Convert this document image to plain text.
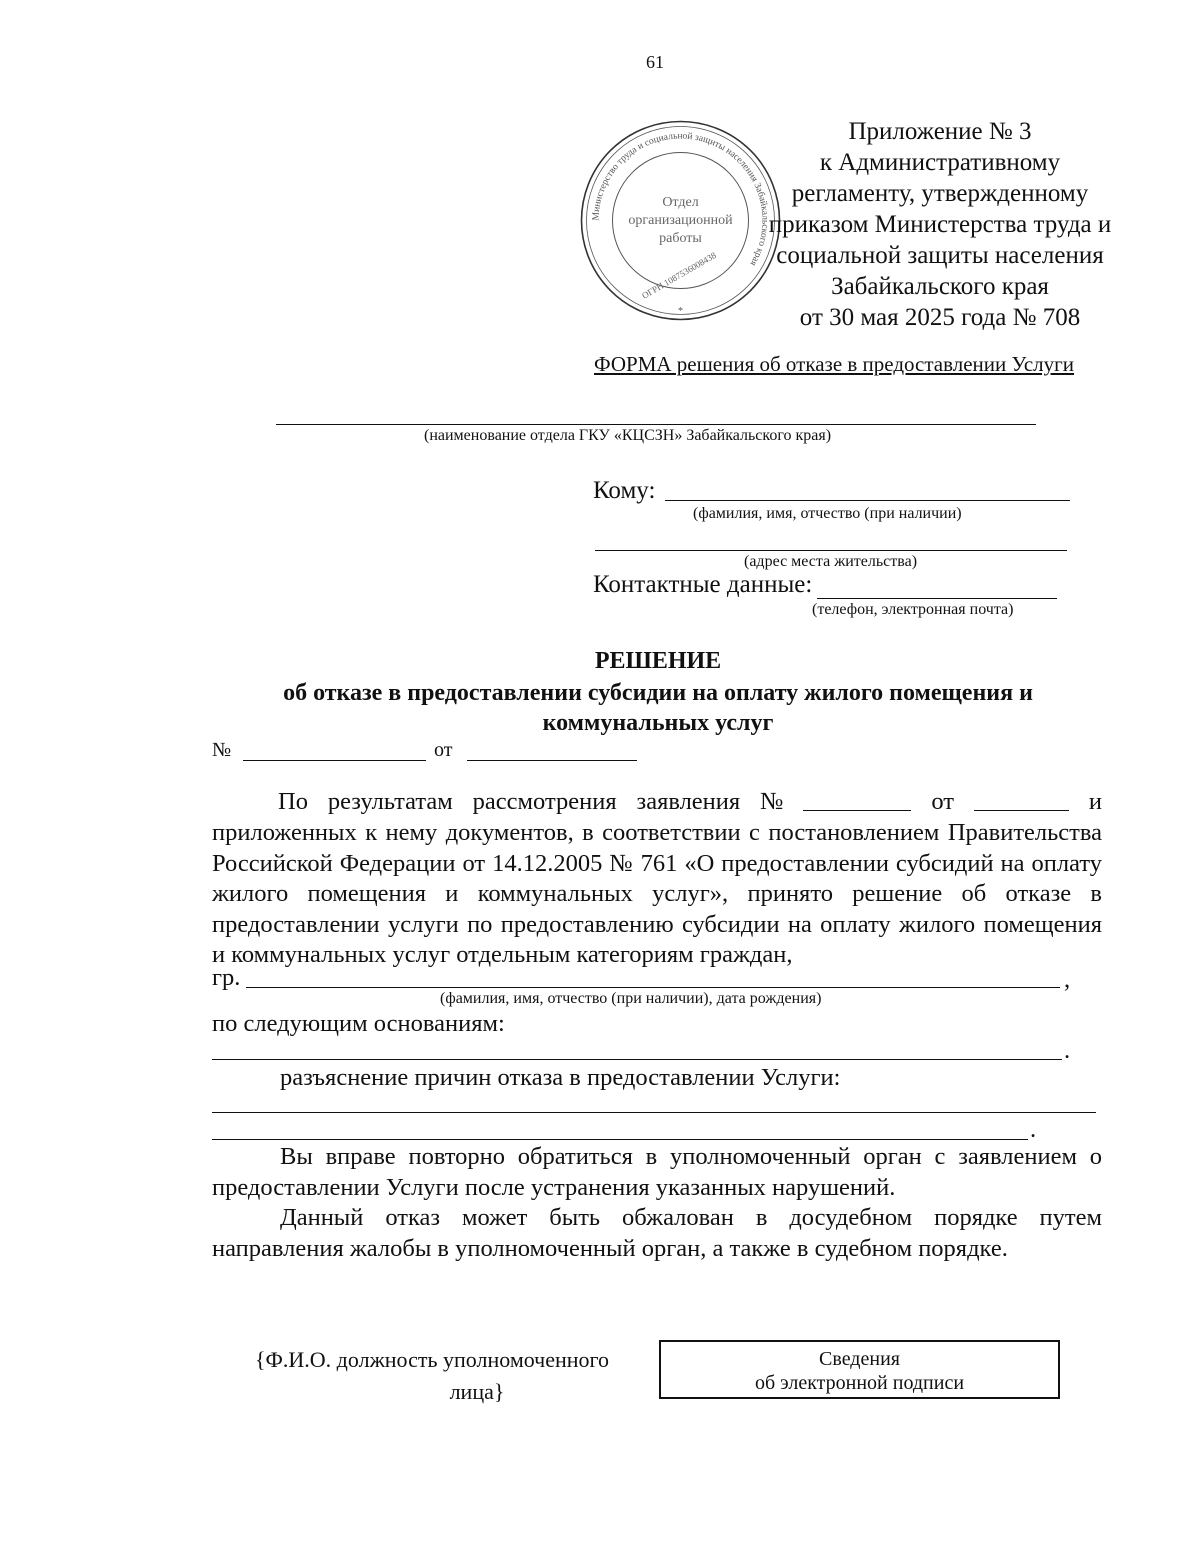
61
Министерство труда и социальной защиты населения Забайкальского края
Отдел
организационной
работы
ОГРН 1087536008438
*
Приложение № 3
к Административному
регламенту, утвержденному
приказом Министерства труда и
социальной защиты населения
Забайкальского края
от 30 мая 2025 года № 708
ФОРМА решения об отказе в предоставлении Услуги
(наименование отдела ГКУ «КЦСЗН» Забайкальского края)
Кому:
(фамилия, имя, отчество (при наличии)
(адрес места жительства)
Контактные данные:
(телефон, электронная почта)
РЕШЕНИЕ
об отказе в предоставлении субсидии на оплату жилого помещения и
коммунальных услуг
№	от
По результатам рассмотрения заявления №	от	и
приложенных к нему документов, в соответствии с постановлением Правительства Российской Федерации от 14.12.2005 № 761 «О предоставлении субсидий на оплату жилого помещения и коммунальных услуг», принято решение об отказе в предоставлении услуги по предоставлению субсидии на оплату жилого помещения и коммунальных услуг отдельным категориям граждан,
гр.	,
(фамилия, имя, отчество (при наличии), дата рождения)
по следующим основаниям:
.
разъяснение причин отказа в предоставлении Услуги:
.
Вы вправе повторно обратиться в уполномоченный орган с заявлением о предоставлении Услуги после устранения указанных нарушений.
Данный отказ может быть обжалован в досудебном порядке путем направления жалобы в уполномоченный орган, а также в судебном порядке.
{Ф.И.О. должность уполномоченного
лица}
Сведения
об электронной подписи
